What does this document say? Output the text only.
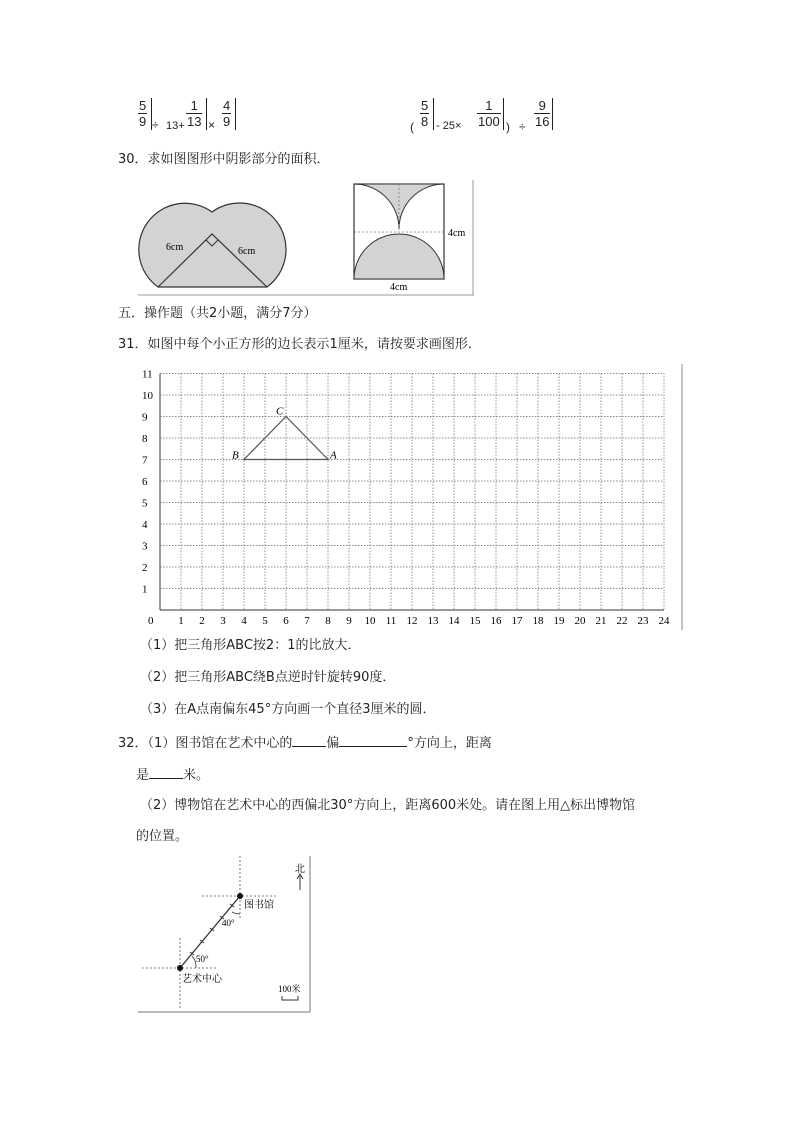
$\frac{5}{9} \div 13+ \frac{1}{13} \times \frac{4}{9}$	( $\frac{5}{8} - 25\times \frac{1}{100}$ ) ÷ $\frac{9}{16}$
30．求如图图形中阴影部分的面积．
6cm	6cm
4cm
4cm
五．操作题（共2小题，满分7分）
31．如图中每个小正方形的边长表示1厘米，请按要求画图形．
0
1
2
3
4
5
6
7
8
9
10
11
1 2 3 4 5 6 7 8 9 10 11 12 13 14 15 16 17 18 19 20 21 22 23 24
A
B
C
（1）把三角形ABC按2：1的比放大．
（2）把三角形ABC绕B点逆时针旋转90度．
（3）在A点南偏东45°方向画一个直径3厘米的圆．
32．（1）图书馆在艺术中心的	偏	°方向上，距离
是	米。
（2）博物馆在艺术中心的西偏北30°方向上，距离600米处。请在图上用△标出博物馆
的位置。
北
图书馆
40°
50°
艺术中心
100米
